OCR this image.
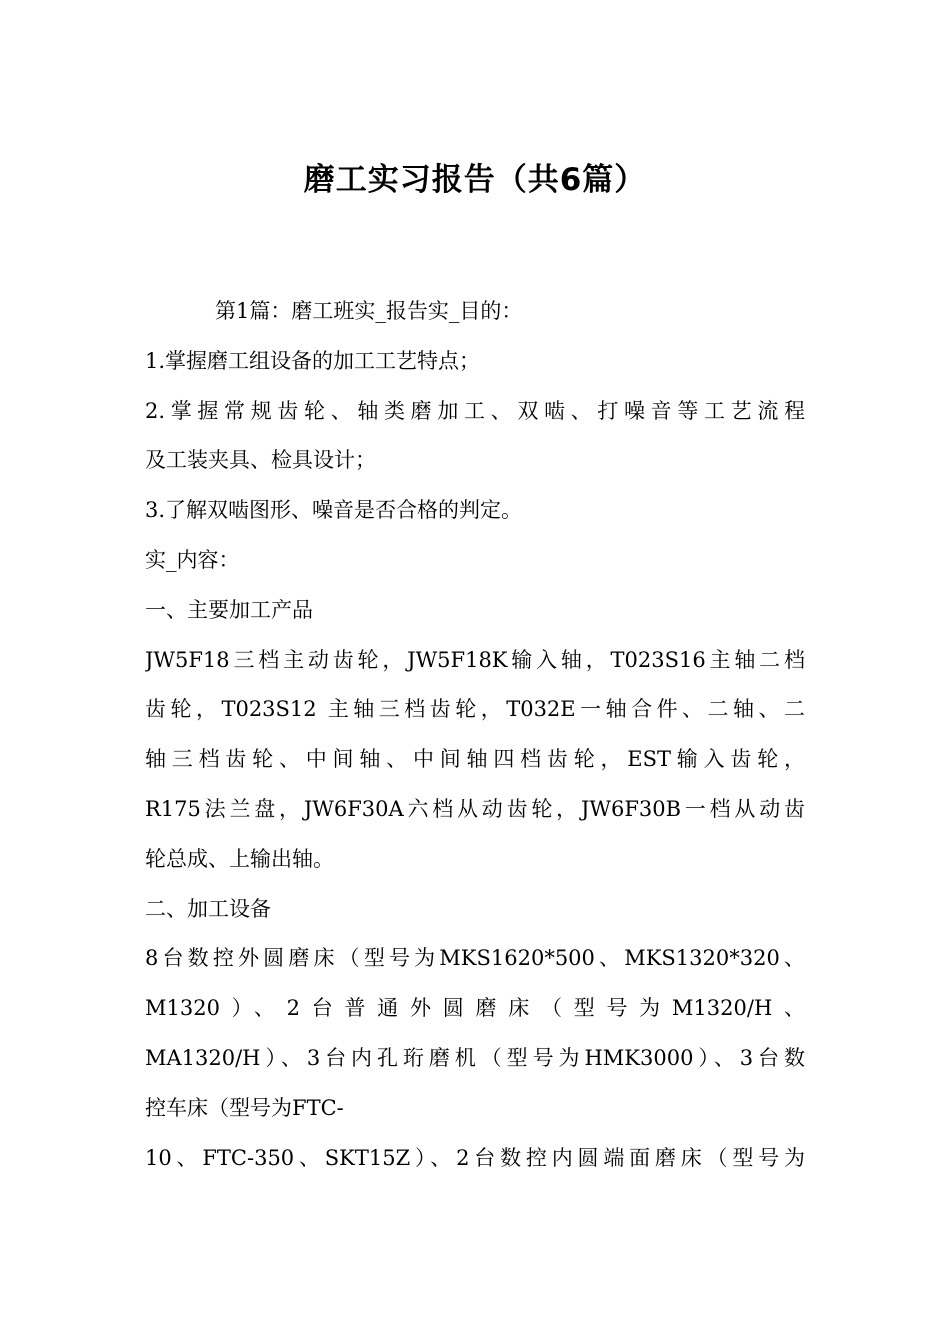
磨工实习报告（共6篇）
第1篇：磨工班实_报告实_目的：
1.掌握磨工组设备的加工工艺特点；
2.掌握常规齿轮、轴类磨加工、双啮、打噪音等工艺流程
及工装夹具、检具设计；
3.了解双啮图形、噪音是否合格的判定。
实_内容：
一、主要加工产品
JW5F18三档主动齿轮，JW5F18K输入轴，T023S16主轴二档
齿轮，T023S12 主轴三档齿轮，T032E一轴合件、二轴、二
轴三档齿轮、中间轴、中间轴四档齿轮，EST输入齿轮，
R175法兰盘，JW6F30A六档从动齿轮，JW6F30B一档从动齿
轮总成、上输出轴。
二、加工设备
8台数控外圆磨床（型号为MKS1620*500、MKS1320*320、
M1320）、2台普通外圆磨床（型号为M1320/H、
MA1320/H）、3台内孔珩磨机（型号为HMK3000）、3台数
控车床（型号为FTC-
10、FTC-350、SKT15Z）、2台数控内圆端面磨床（型号为
